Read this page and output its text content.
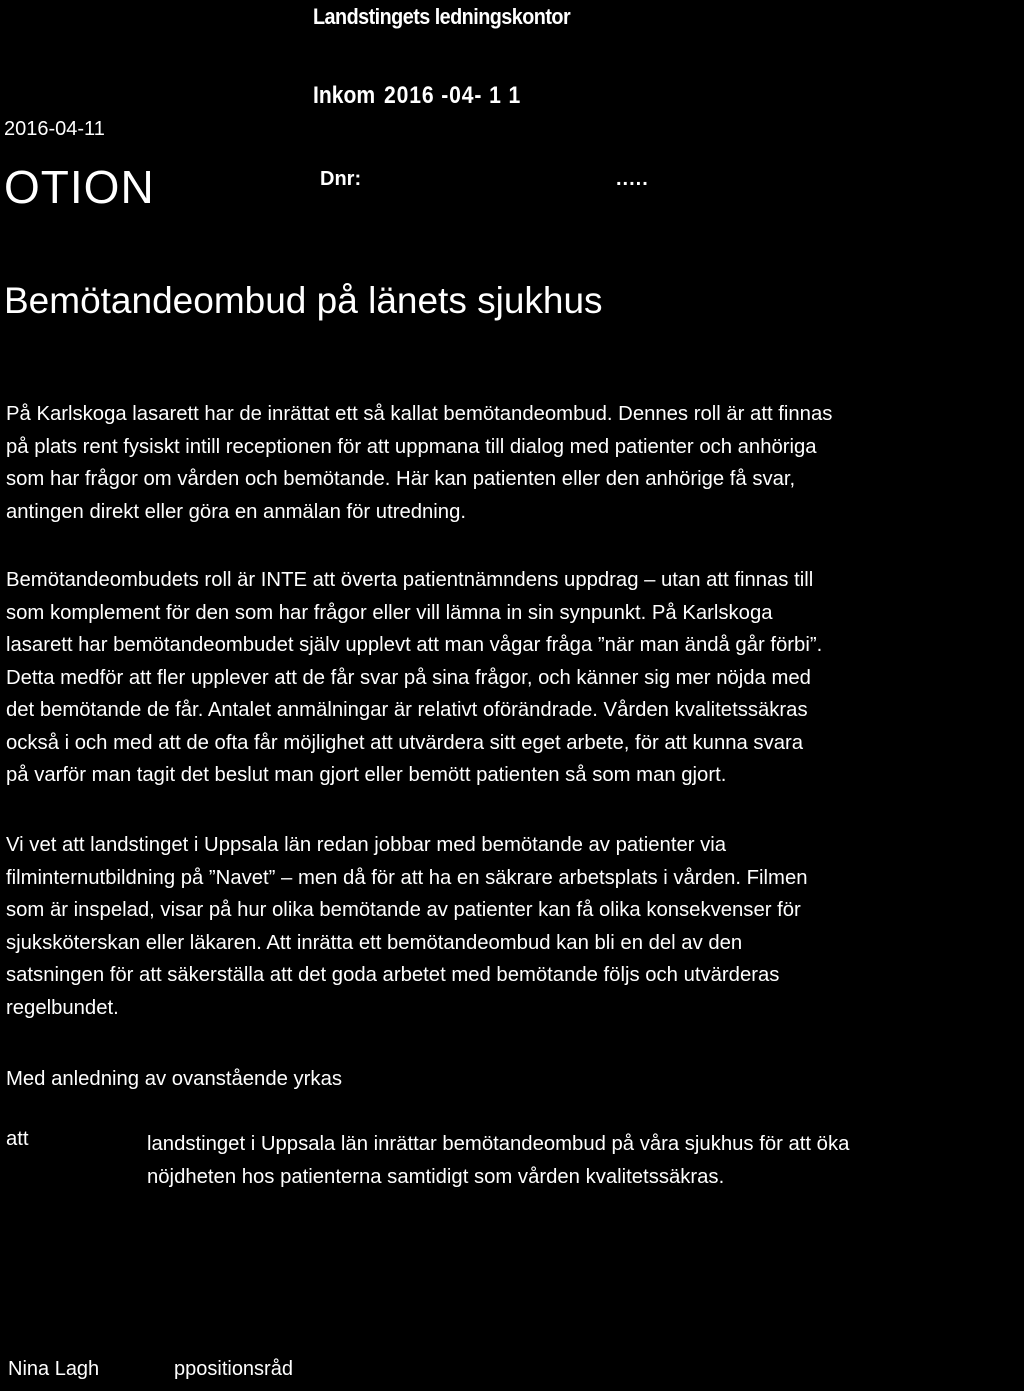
Landstingets ledningskontor
Inkom 2016 -04- 1 1
Dnr:	.....
2016-04-11
OTION
Bemötandeombud på länets sjukhus
På Karlskoga lasarett har de inrättat ett så kallat bemötandeombud. Dennes roll är att finnas
på plats rent fysiskt intill receptionen för att uppmana till dialog med patienter och anhöriga
som har frågor om vården och bemötande. Här kan patienten eller den anhörige få svar,
antingen direkt eller göra en anmälan för utredning.
Bemötandeombudets roll är INTE att överta patientnämndens uppdrag – utan att finnas till
som komplement för den som har frågor eller vill lämna in sin synpunkt. På Karlskoga
lasarett har bemötandeombudet själv upplevt att man vågar fråga ”när man ändå går förbi”.
Detta medför att fler upplever att de får svar på sina frågor, och känner sig mer nöjda med
det bemötande de får. Antalet anmälningar är relativt oförändrade. Vården kvalitetssäkras
också i och med att de ofta får möjlighet att utvärdera sitt eget arbete, för att kunna svara
på varför man tagit det beslut man gjort eller bemött patienten så som man gjort.
Vi vet att landstinget i Uppsala län redan jobbar med bemötande av patienter via
filminternutbildning på ”Navet” – men då för att ha en säkrare arbetsplats i vården. Filmen
som är inspelad, visar på hur olika bemötande av patienter kan få olika konsekvenser för
sjuksköterskan eller läkaren. Att inrätta ett bemötandeombud kan bli en del av den
satsningen för att säkerställa att det goda arbetet med bemötande följs och utvärderas
regelbundet.
Med anledning av ovanstående yrkas
att	landstinget i Uppsala län inrättar bemötandeombud på våra sjukhus för att öka
nöjdheten hos patienterna samtidigt som vården kvalitetssäkras.
Nina Lagh	ppositionsråd
